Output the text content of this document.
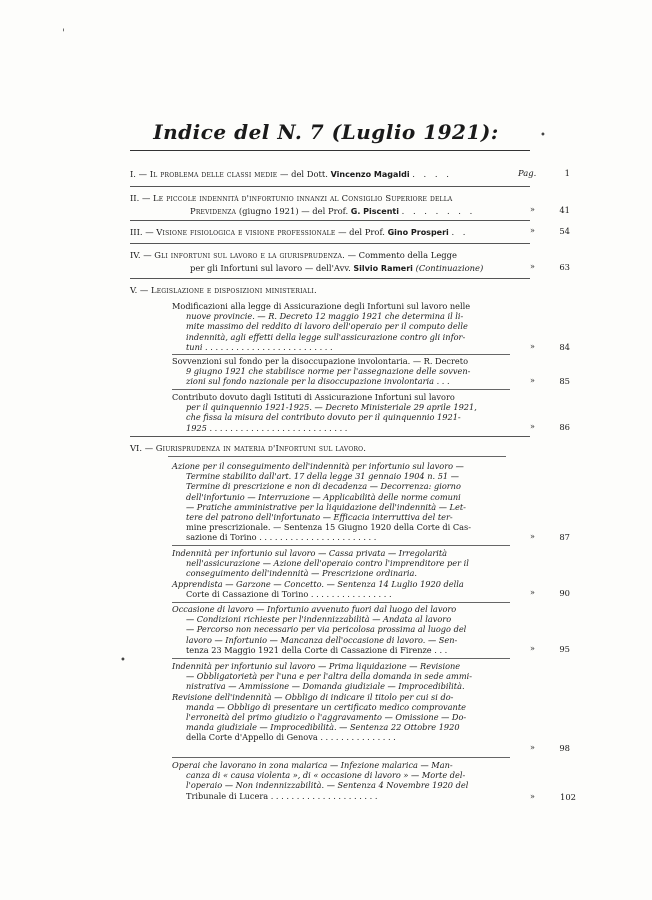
Indice del N. 7 (Luglio 1921):
I. — Il problema delle classi medie — del Dott. Vincenzo Magaldi . . . .	Pag.	1
II. — Le piccole indennità d'infortunio innanzi al Consiglio Superiore della
Previdenza (giugno 1921) — del Prof. G. Piscenti . . . . . . .	»	41
III. — Visione fisiologica e visione professionale — del Prof. Gino Prosperi . .	»	54
IV. — Gli infortuni sul lavoro e la giurisprudenza. — Commento della Legge
per gli Infortuni sul lavoro — dell'Avv. Silvio Rameri (Continuazione)	»	63
V. — Legislazione e disposizioni ministeriali.
Modificazioni alla legge di Assicurazione degli Infortuni sul lavoro nelle
nuove provincie. — R. Decreto 12 maggio 1921 che determina il li-
mite massimo del reddito di lavoro dell'operaio per il computo delle
indennità, agli effetti della legge sull'assicurazione contro gli infor-
tuni . . . . . . . . . . . . . . . . . . . . . . . . .	»	84
Sovvenzioni sul fondo per la disoccupazione involontaria. — R. Decreto
9 giugno 1921 che stabilisce norme per l'assegnazione delle sovven-
zioni sul fondo nazionale per la disoccupazione involontaria . . .	»	85
Contributo dovuto dagli Istituti di Assicurazione Infortuni sul lavoro
per il quinquennio 1921-1925. — Decreto Ministeriale 29 aprile 1921,
che fissa la misura del contributo dovuto per il quinquennio 1921-
1925 . . . . . . . . . . . . . . . . . . . . . . . . . . .	»	86
VI. — Giurisprudenza in materia d'Infortuni sul lavoro.
Azione per il conseguimento dell'indennità per infortunio sul lavoro —
Termine stabilito dall'art. 17 della legge 31 gennaio 1904 n. 51 —
Termine di prescrizione e non di decadenza — Decorrenza: giorno
dell'infortunio — Interruzione — Applicabilità delle norme comuni
— Pratiche amministrative per la liquidazione dell'indennità — Let-
tere del patrono dell'infortunato — Efficacia interruttiva del ter-
mine prescrizionale. — Sentenza 15 Giugno 1920 della Corte di Cas-
sazione di Torino . . . . . . . . . . . . . . . . . . . . . . .	»	87
Indennità per infortunio sul lavoro — Cassa privata — Irregolarità
nell'assicurazione — Azione dell'operaio contro l'imprenditore per il
conseguimento dell'indennità — Prescrizione ordinaria.
Apprendista — Garzone — Concetto. — Sentenza 14 Luglio 1920 della
Corte di Cassazione di Torino . . . . . . . . . . . . . . . .	»	90
Occasione di lavoro — Infortunio avvenuto fuori dal luogo del lavoro
— Condizioni richieste per l'indennizzabilità — Andata al lavoro
— Percorso non necessario per via pericolosa prossima al luogo del
lavoro — Infortunio — Mancanza dell'occasione di lavoro. — Sen-
tenza 23 Maggio 1921 della Corte di Cassazione di Firenze . . .	»	95
Indennità per infortunio sul lavoro — Prima liquidazione — Revisione
— Obbligatorietà per l'una e per l'altra della domanda in sede ammi-
nistrativa — Ammissione — Domanda giudiziale — Improcedibilità.
Revisione dell'indennità — Obbligo di indicare il titolo per cui si do-
manda — Obbligo di presentare un certificato medico comprovante
l'erroneità del primo giudizio o l'aggravamento — Omissione — Do-
manda giudiziale — Improcedibilità. — Sentenza 22 Ottobre 1920
della Corte d'Appello di Genova . . . . . . . . . . . . . . .
»	98
Operai che lavorano in zona malarica — Infezione malarica — Man-
canza di « causa violenta », di « occasione di lavoro » — Morte del-
l'operaio — Non indennizzabilità. — Sentenza 4 Novembre 1920 del
Tribunale di Lucera . . . . . . . . . . . . . . . . . . . . .	»	102
'
•
•
